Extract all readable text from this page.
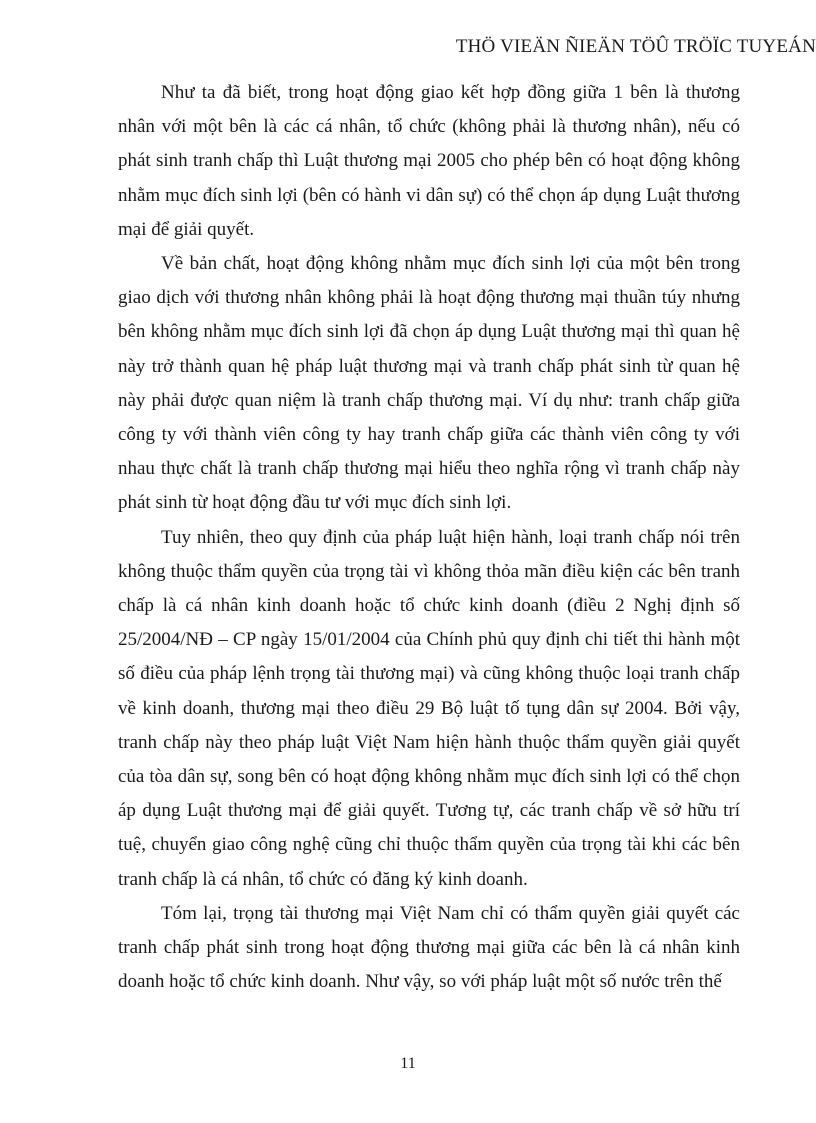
THÖ VIEÄN ÑIEÄN TÖÛ TRÖÏC TUYEÁN

Như ta đã biết, trong hoạt động giao kết hợp đồng giữa 1 bên là thương nhân với một bên là các cá nhân, tổ chức (không phải là thương nhân), nếu có phát sinh tranh chấp thì Luật thương mại 2005 cho phép bên có hoạt động không nhằm mục đích sinh lợi (bên có hành vi dân sự) có thể chọn áp dụng Luật thương mại để giải quyết.

Về bản chất, hoạt động không nhằm mục đích sinh lợi của một bên trong giao dịch với thương nhân không phải là hoạt động thương mại thuần túy nhưng bên không nhằm mục đích sinh lợi đã chọn áp dụng Luật thương mại thì quan hệ này trở thành quan hệ pháp luật thương mại và tranh chấp phát sinh từ quan hệ này phải được quan niệm là tranh chấp thương mại. Ví dụ như: tranh chấp giữa công ty với thành viên công ty hay tranh chấp giữa các thành viên công ty với nhau thực chất là tranh chấp thương mại hiểu theo nghĩa rộng vì tranh chấp này phát sinh từ hoạt động đầu tư với mục đích sinh lợi.

Tuy nhiên, theo quy định của pháp luật hiện hành, loại tranh chấp nói trên không thuộc thẩm quyền của trọng tài vì không thỏa mãn điều kiện các bên tranh chấp là cá nhân kinh doanh hoặc tổ chức kinh doanh (điều 2 Nghị định số 25/2004/NĐ – CP ngày 15/01/2004 của Chính phủ quy định chi tiết thi hành một số điều của pháp lệnh trọng tài thương mại) và cũng không thuộc loại tranh chấp về kinh doanh, thương mại theo điều 29 Bộ luật tố tụng dân sự 2004. Bởi vậy, tranh chấp này theo pháp luật Việt Nam hiện hành thuộc thẩm quyền giải quyết của tòa dân sự, song bên có hoạt động không nhằm mục đích sinh lợi có thể chọn áp dụng Luật thương mại để giải quyết. Tương tự, các tranh chấp về sở hữu trí tuệ, chuyển giao công nghệ cũng chỉ thuộc thẩm quyền của trọng tài khi các bên tranh chấp là cá nhân, tổ chức có đăng ký kinh doanh.

Tóm lại, trọng tài thương mại Việt Nam chỉ có thẩm quyền giải quyết các tranh chấp phát sinh trong hoạt động thương mại giữa các bên là cá nhân kinh doanh hoặc tổ chức kinh doanh. Như vậy, so với pháp luật một số nước trên thế

11
